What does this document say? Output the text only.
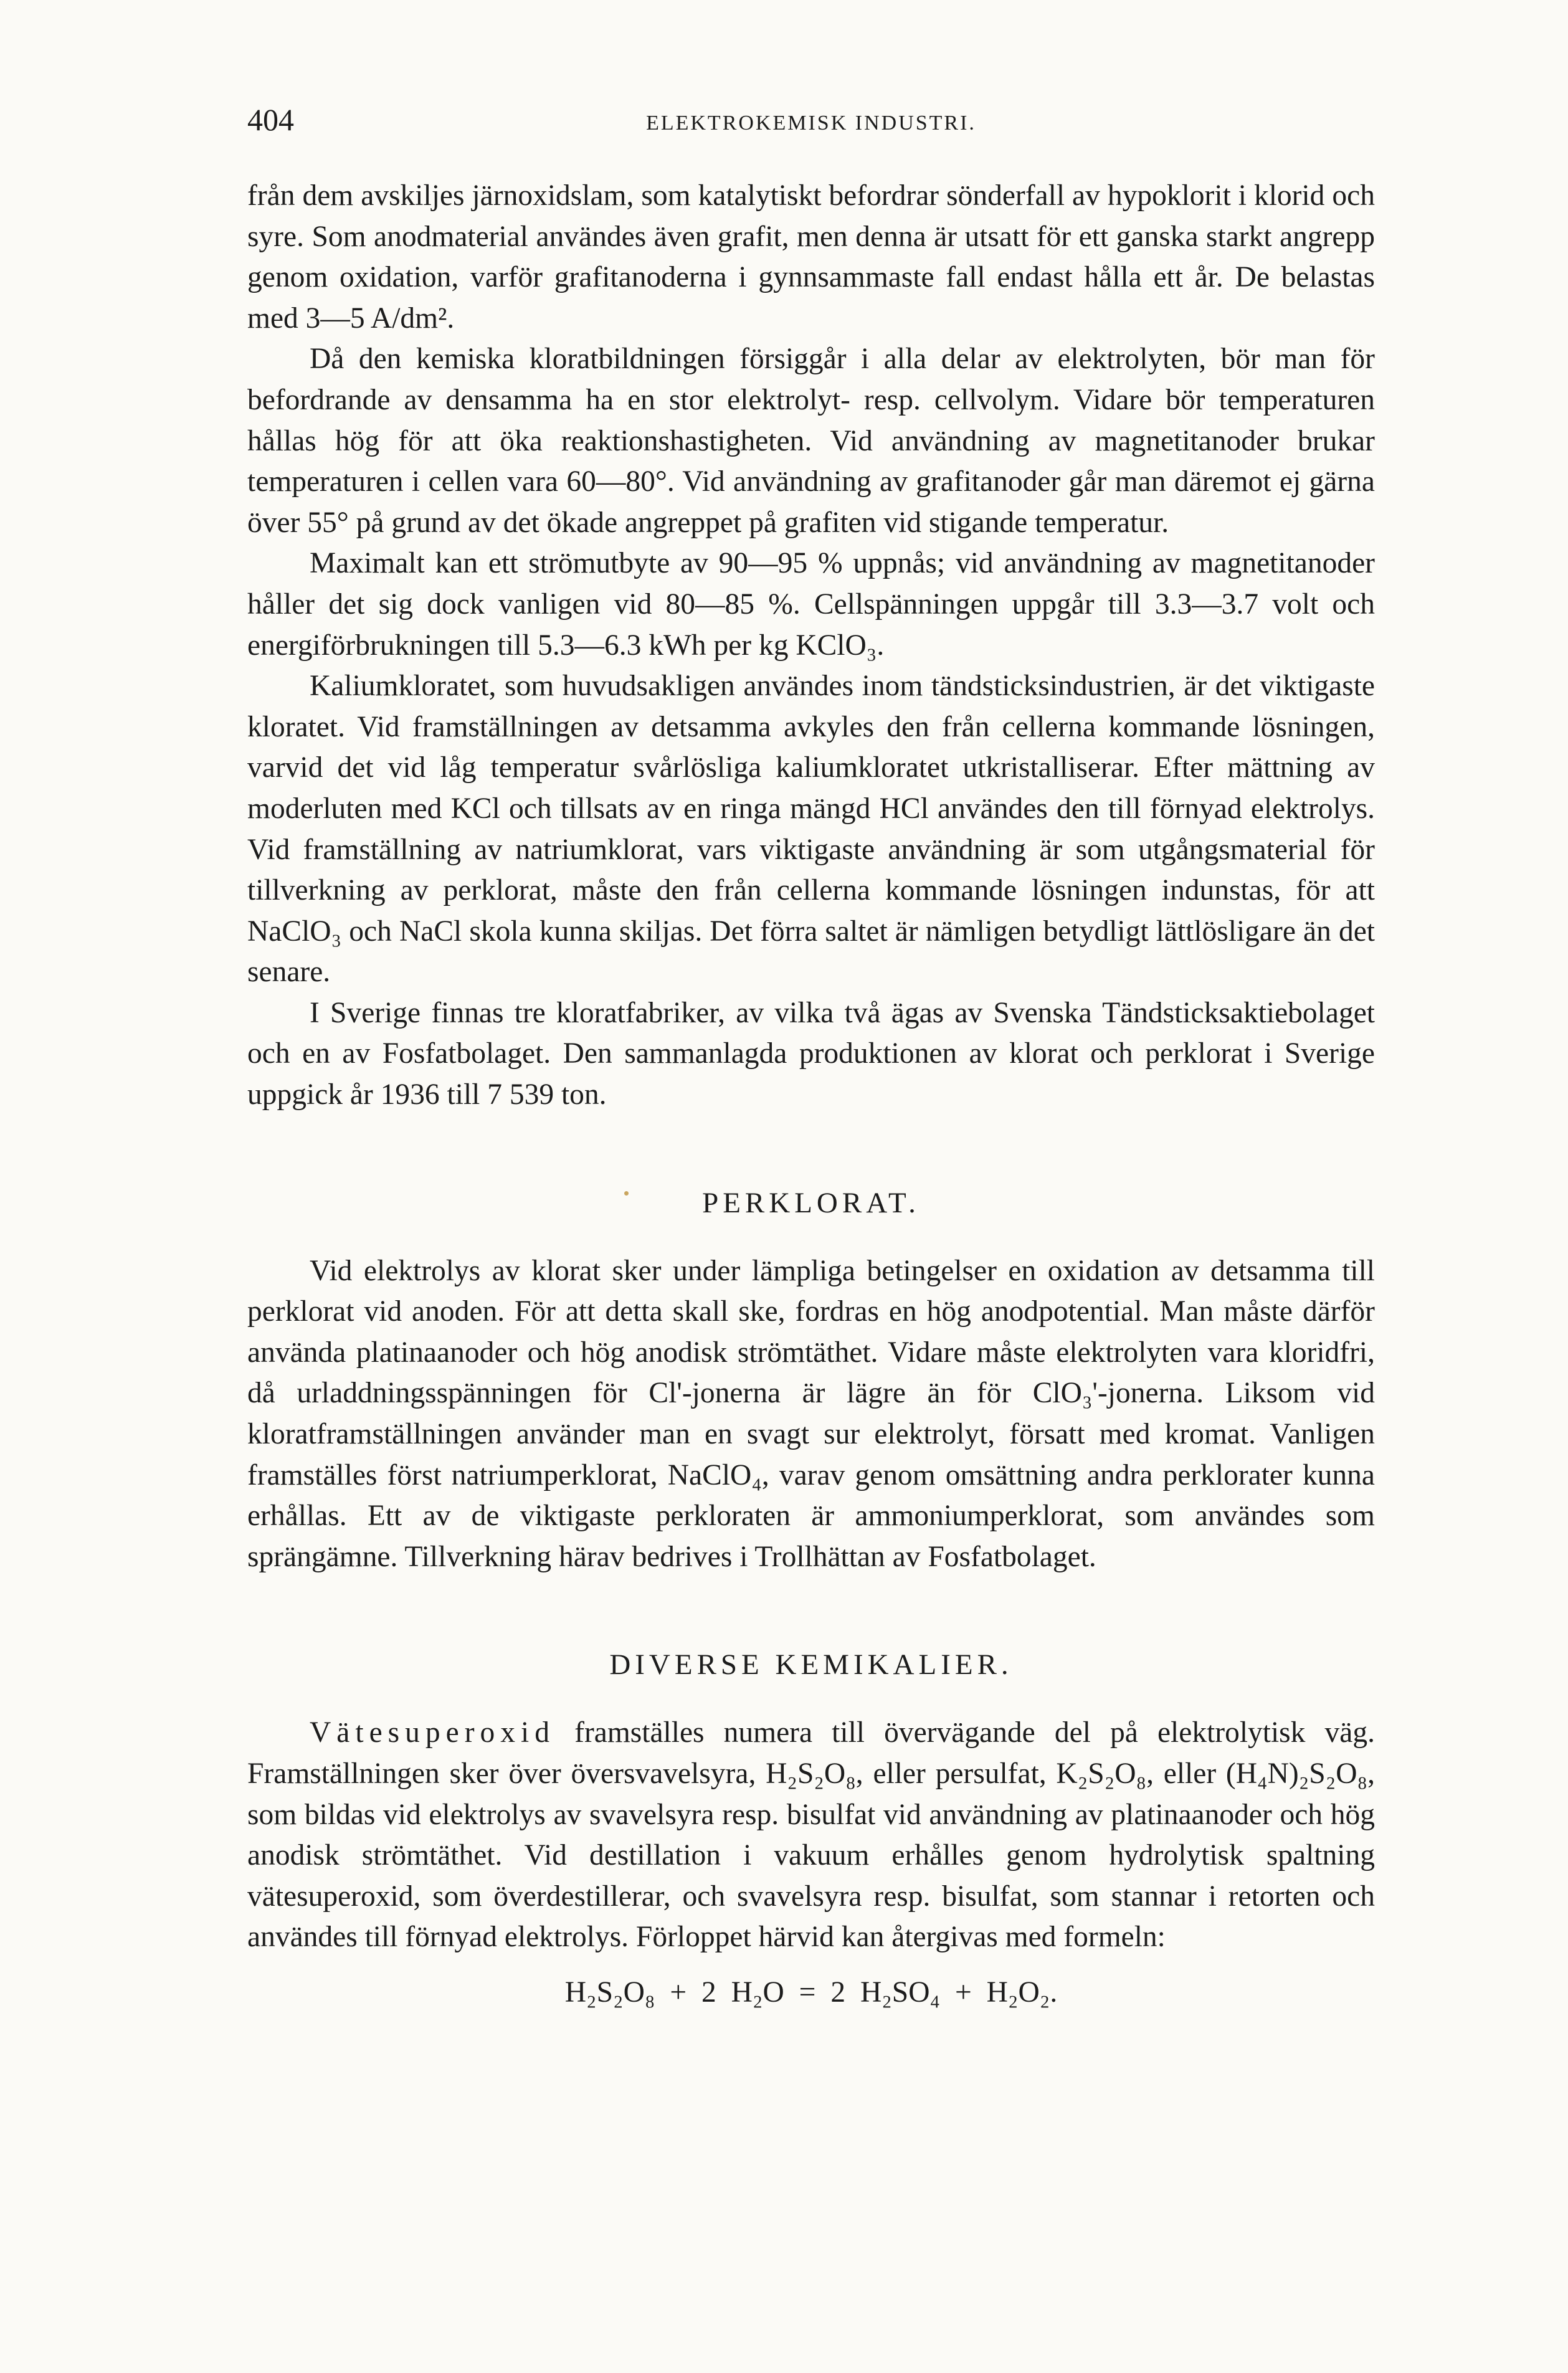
404	ELEKTROKEMISK INDUSTRI.

från dem avskiljes järnoxidslam, som katalytiskt befordrar sönderfall av hypoklorit i klorid och syre. Som anodmaterial användes även grafit, men denna är utsatt för ett ganska starkt angrepp genom oxidation, varför grafitanoderna i gynnsammaste fall endast hålla ett år. De belastas med 3—5 A/dm².

Då den kemiska kloratbildningen försiggår i alla delar av elektrolyten, bör man för befordrande av densamma ha en stor elektrolyt- resp. cellvolym. Vidare bör temperaturen hållas hög för att öka reaktionshastigheten. Vid användning av magnetitanoder brukar temperaturen i cellen vara 60—80°. Vid användning av grafitanoder går man däremot ej gärna över 55° på grund av det ökade angreppet på grafiten vid stigande temperatur.

Maximalt kan ett strömutbyte av 90—95 % uppnås; vid användning av magnetitanoder håller det sig dock vanligen vid 80—85 %. Cellspänningen uppgår till 3.3—3.7 volt och energiförbrukningen till 5.3—6.3 kWh per kg KClO₃.

Kaliumkloratet, som huvudsakligen användes inom tändsticksindustrien, är det viktigaste kloratet. Vid framställningen av detsamma avkyles den från cellerna kommande lösningen, varvid det vid låg temperatur svårlösliga kaliumkloratet utkristalliserar. Efter mättning av moderluten med KCl och tillsats av en ringa mängd HCl användes den till förnyad elektrolys. Vid framställning av natriumklorat, vars viktigaste användning är som utgångsmaterial för tillverkning av perklorat, måste den från cellerna kommande lösningen indunstas, för att NaClO₃ och NaCl skola kunna skiljas. Det förra saltet är nämligen betydligt lättlösligare än det senare.

I Sverige finnas tre kloratfabriker, av vilka två ägas av Svenska Tändsticksaktiebolaget och en av Fosfatbolaget. Den sammanlagda produktionen av klorat och perklorat i Sverige uppgick år 1936 till 7 539 ton.

PERKLORAT.

Vid elektrolys av klorat sker under lämpliga betingelser en oxidation av detsamma till perklorat vid anoden. För att detta skall ske, fordras en hög anodpotential. Man måste därför använda platinaanoder och hög anodisk strömtäthet. Vidare måste elektrolyten vara kloridfri, då urladdningsspänningen för Cl'-jonerna är lägre än för ClO₃'-jonerna. Liksom vid kloratframställningen använder man en svagt sur elektrolyt, försatt med kromat. Vanligen framställes först natriumperklorat, NaClO₄, varav genom omsättning andra perklorater kunna erhållas. Ett av de viktigaste perkloraten är ammoniumperklorat, som användes som sprängämne. Tillverkning härav bedrives i Trollhättan av Fosfatbolaget.

DIVERSE KEMIKALIER.

Vätesuperoxid framställes numera till övervägande del på elektrolytisk väg. Framställningen sker över översvavelsyra, H₂S₂O₈, eller persulfat, K₂S₂O₈, eller (H₄N)₂S₂O₈, som bildas vid elektrolys av svavelsyra resp. bisulfat vid användning av platinaanoder och hög anodisk strömtäthet. Vid destillation i vakuum erhålles genom hydrolytisk spaltning vätesuperoxid, som överdestillerar, och svavelsyra resp. bisulfat, som stannar i retorten och användes till förnyad elektrolys. Förloppet härvid kan återgivas med formeln:

H₂S₂O₈ + 2 H₂O = 2 H₂SO₄ + H₂O₂.
